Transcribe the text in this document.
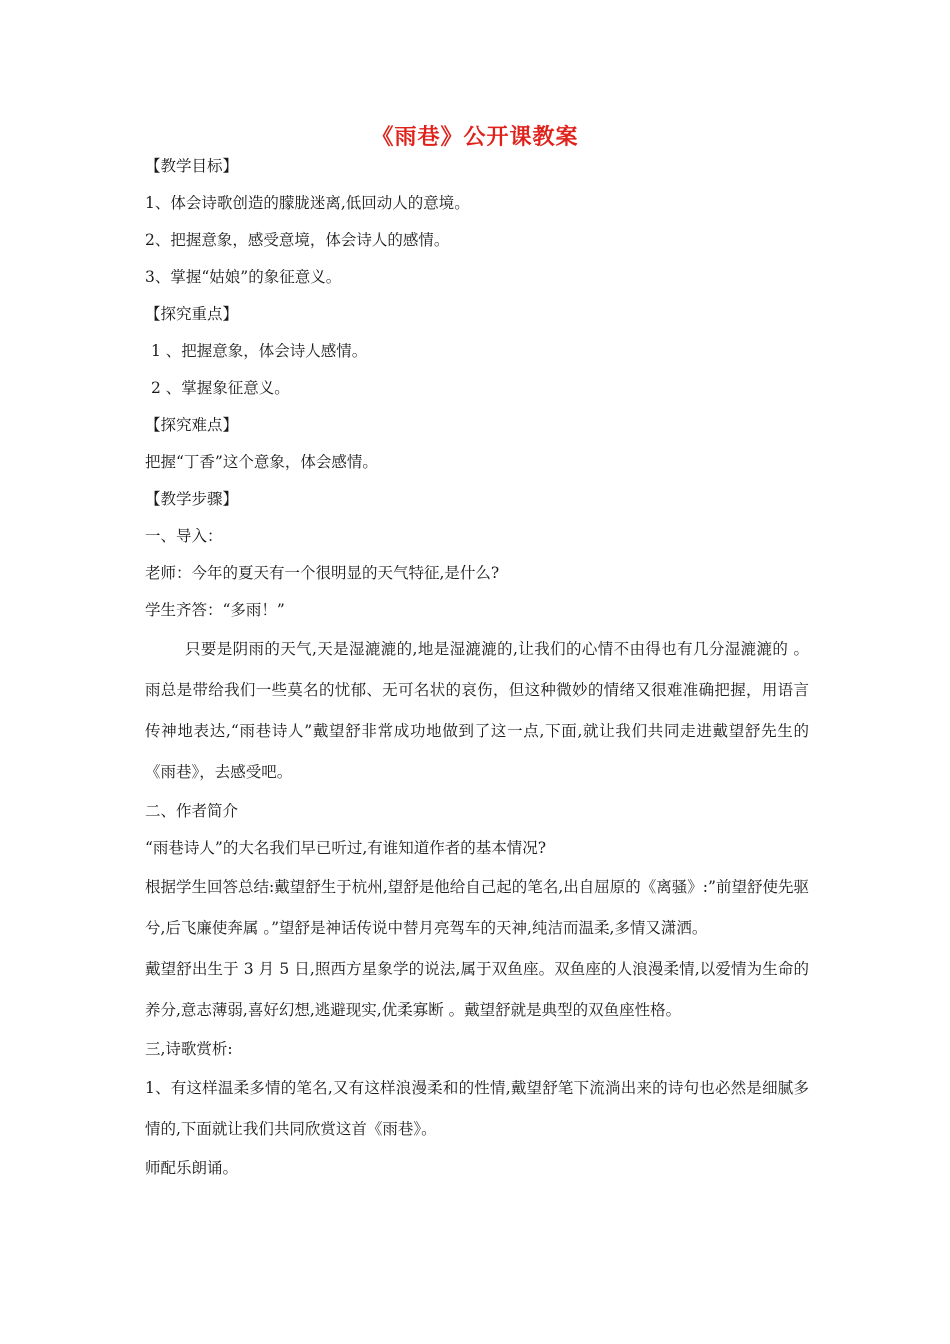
《雨巷》公开课教案
【教学目标】
1、体会诗歌创造的朦胧迷离,低回动人的意境。
2、把握意象，感受意境，体会诗人的感情。
3、掌握“姑娘”的象征意义。
【探究重点】
1 、把握意象，体会诗人感情。
2 、掌握象征意义。
【探究难点】
把握“丁香”这个意象，体会感情。
【教学步骤】
一、导入：
老师：今年的夏天有一个很明显的天气特征,是什么?
学生齐答：“多雨！”
只要是阴雨的天气,天是湿漉漉的,地是湿漉漉的,让我们的心情不由得也有几分湿漉漉的 。雨总是带给我们一些莫名的忧郁、无可名状的哀伤，但这种微妙的情绪又很难准确把握，用语言传神地表达,“雨巷诗人”戴望舒非常成功地做到了这一点,下面,就让我们共同走进戴望舒先生的《雨巷》，去感受吧。
二、作者简介
“雨巷诗人”的大名我们早已听过,有谁知道作者的基本情况?
根据学生回答总结:戴望舒生于杭州,望舒是他给自己起的笔名,出自屈原的《离骚》:”前望舒使先驱兮,后飞廉使奔属 。”望舒是神话传说中替月亮驾车的天神,纯洁而温柔,多情又潇洒。
戴望舒出生于 3 月 5 日,照西方星象学的说法,属于双鱼座。双鱼座的人浪漫柔情,以爱情为生命的养分,意志薄弱,喜好幻想,逃避现实,优柔寡断 。戴望舒就是典型的双鱼座性格。
三,诗歌赏析:
1、有这样温柔多情的笔名,又有这样浪漫柔和的性情,戴望舒笔下流淌出来的诗句也必然是细腻多情的,下面就让我们共同欣赏这首《雨巷》。
师配乐朗诵。
